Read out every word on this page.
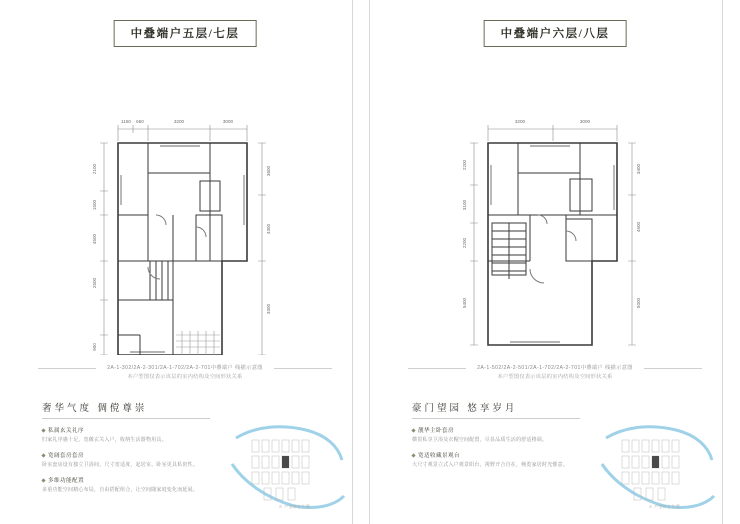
中叠端户五层/七层
1150 650	3200	3000
3600
4300
3300
2100
1500
4500
2500
900
2A-1-302/2A-2-301/2A-1-702/2A-2-701中叠端户 线描示意图
本户型图仅表示该层的室内结构及空间形状关系
奢华气度 倜傥尊崇
私属玄关礼序
归家礼序感十足，宽敞玄关入户，收纳生活器物用具。
宽阔套房套房
卧室套房设有独立卫浴间，尺寸宽适度，起居室、卧室更具私密性。
多维功能配置
多重功能空间精心布局，自由搭配组合，让空间随家庭变化而延展。
※ 户型所在位置
中叠端户六层/八层
3200	3000
3400
4500
5000
2200
3100
2200
5400
2A-1-502/2A-2-501/2A-1-702/2A-2-701中叠端户 线描示意图
本户型图仅表示该层的室内结构及空间形状关系
豪门望园 悠享岁月
靓华主卧套房
横贯私享卫浴及衣帽空间配置，尽显品质生活的舒适格调。
宽适收藏景观台
大尺寸观景立式入户观景阳台，视野开合自在，畅览家居时光惬意。
※ 户型所在位置
